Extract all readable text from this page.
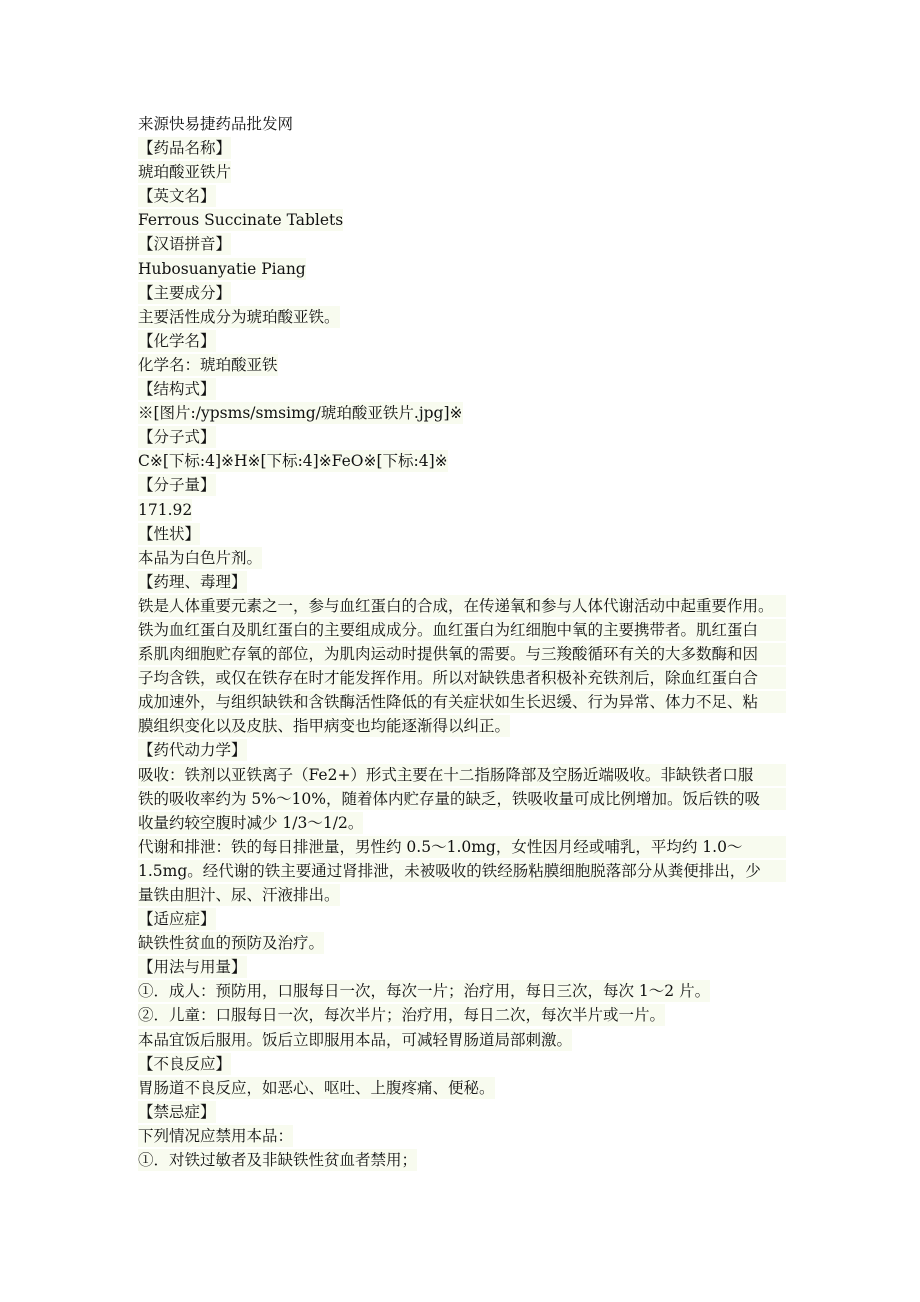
来源快易捷药品批发网
【药品名称】
琥珀酸亚铁片
【英文名】
Ferrous Succinate Tablets
【汉语拼音】
Hubosuanyatie Piang
【主要成分】
主要活性成分为琥珀酸亚铁。
【化学名】
化学名：琥珀酸亚铁
【结构式】
※[图片:/ypsms/smsimg/琥珀酸亚铁片.jpg]※
【分子式】
C※[下标:4]※H※[下标:4]※FeO※[下标:4]※
【分子量】
171.92
【性状】
本品为白色片剂。
【药理、毒理】
铁是人体重要元素之一，参与血红蛋白的合成，在传递氧和参与人体代谢活动中起重要作用。
铁为血红蛋白及肌红蛋白的主要组成成分。血红蛋白为红细胞中氧的主要携带者。肌红蛋白
系肌肉细胞贮存氧的部位，为肌肉运动时提供氧的需要。与三羧酸循环有关的大多数酶和因
子均含铁，或仅在铁存在时才能发挥作用。所以对缺铁患者积极补充铁剂后，除血红蛋白合
成加速外，与组织缺铁和含铁酶活性降低的有关症状如生长迟缓、行为异常、体力不足、粘
膜组织变化以及皮肤、指甲病变也均能逐渐得以纠正。
【药代动力学】
吸收：铁剂以亚铁离子（Fe2+）形式主要在十二指肠降部及空肠近端吸收。非缺铁者口服
铁的吸收率约为 5%～10%，随着体内贮存量的缺乏，铁吸收量可成比例增加。饭后铁的吸
收量约较空腹时减少 1/3～1/2。
代谢和排泄：铁的每日排泄量，男性约 0.5～1.0mg，女性因月经或哺乳，平均约 1.0～
1.5mg。经代谢的铁主要通过肾排泄，未被吸收的铁经肠粘膜细胞脱落部分从粪便排出，少
量铁由胆汁、尿、汗液排出。
【适应症】
缺铁性贫血的预防及治疗。
【用法与用量】
①．成人：预防用，口服每日一次，每次一片；治疗用，每日三次，每次 1～2 片。
②．儿童：口服每日一次，每次半片；治疗用，每日二次，每次半片或一片。
本品宜饭后服用。饭后立即服用本品，可减轻胃肠道局部刺激。
【不良反应】
胃肠道不良反应，如恶心、呕吐、上腹疼痛、便秘。
【禁忌症】
下列情况应禁用本品：
①．对铁过敏者及非缺铁性贫血者禁用；
